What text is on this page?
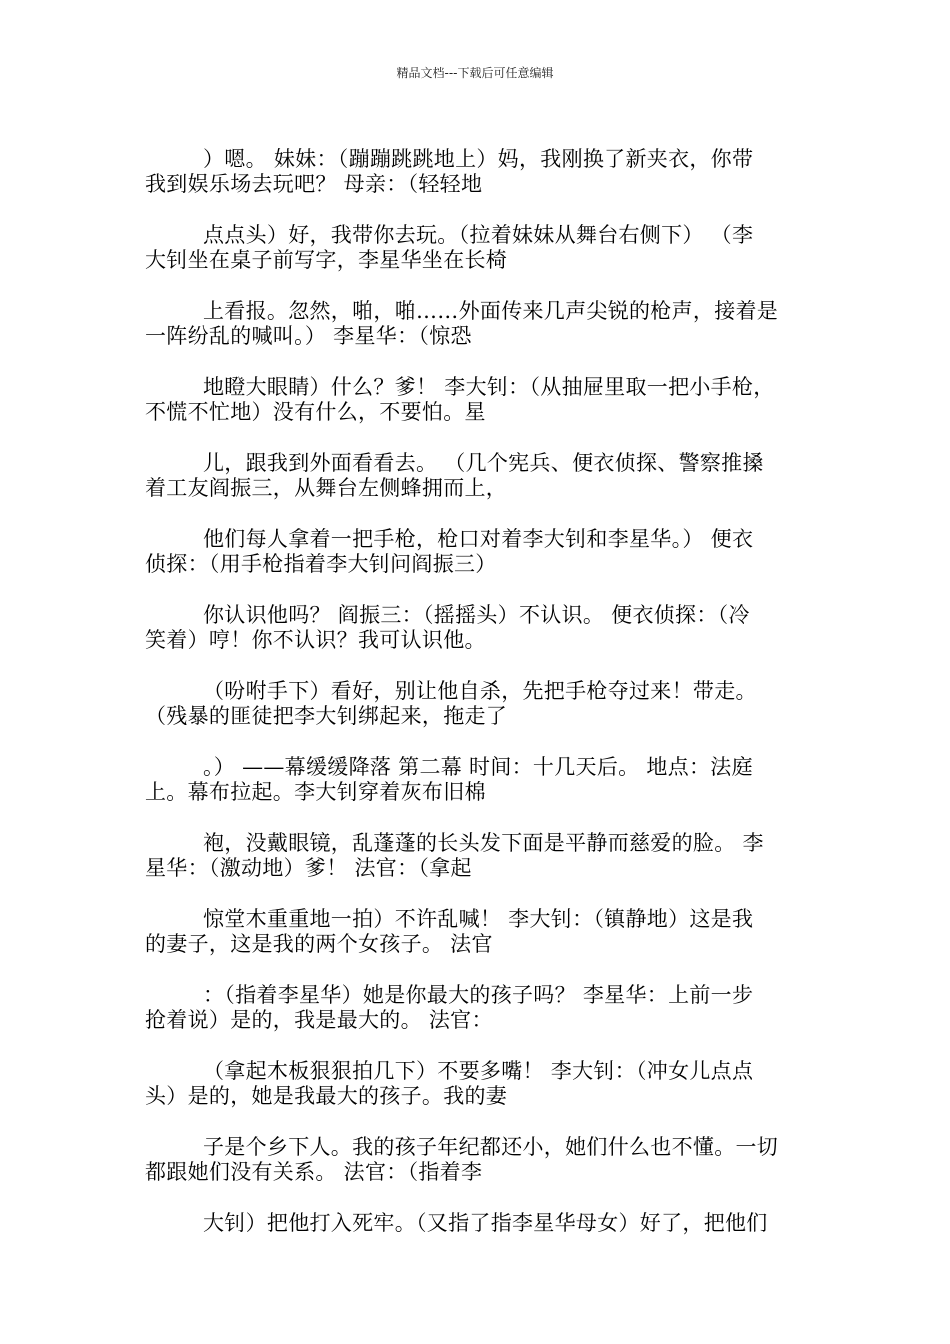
精品文档---下载后可任意编辑

）嗯。 妹妹：（蹦蹦跳跳地上）妈，我刚换了新夹衣，你带
我到娱乐场去玩吧？ 母亲：（轻轻地

点点头）好，我带你去玩。（拉着妹妹从舞台右侧下） （李
大钊坐在桌子前写字，李星华坐在长椅

上看报。忽然，啪，啪……外面传来几声尖锐的枪声，接着是
一阵纷乱的喊叫。） 李星华：（惊恐

地瞪大眼睛）什么？爹！ 李大钊：（从抽屉里取一把小手枪，
不慌不忙地）没有什么，不要怕。星

儿，跟我到外面看看去。 （几个宪兵、便衣侦探、警察推搡
着工友阎振三，从舞台左侧蜂拥而上，

他们每人拿着一把手枪，枪口对着李大钊和李星华。） 便衣
侦探：（用手枪指着李大钊问阎振三）

你认识他吗？ 阎振三：（摇摇头）不认识。 便衣侦探：（冷
笑着）哼！你不认识？我可认识他。

（吩咐手下）看好，别让他自杀，先把手枪夺过来！带走。
（残暴的匪徒把李大钊绑起来，拖走了

。） ——幕缓缓降落 第二幕 时间：十几天后。 地点：法庭
上。幕布拉起。李大钊穿着灰布旧棉

袍，没戴眼镜，乱蓬蓬的长头发下面是平静而慈爱的脸。 李
星华：（激动地）爹！ 法官：（拿起

惊堂木重重地一拍）不许乱喊！ 李大钊：（镇静地）这是我
的妻子，这是我的两个女孩子。 法官

：（指着李星华）她是你最大的孩子吗？ 李星华：上前一步
抢着说）是的，我是最大的。 法官：

（拿起木板狠狠拍几下）不要多嘴！ 李大钊：（冲女儿点点
头）是的，她是我最大的孩子。我的妻

子是个乡下人。我的孩子年纪都还小，她们什么也不懂。一切
都跟她们没有关系。 法官：（指着李

大钊）把他打入死牢。（又指了指李星华母女）好了，把他们
